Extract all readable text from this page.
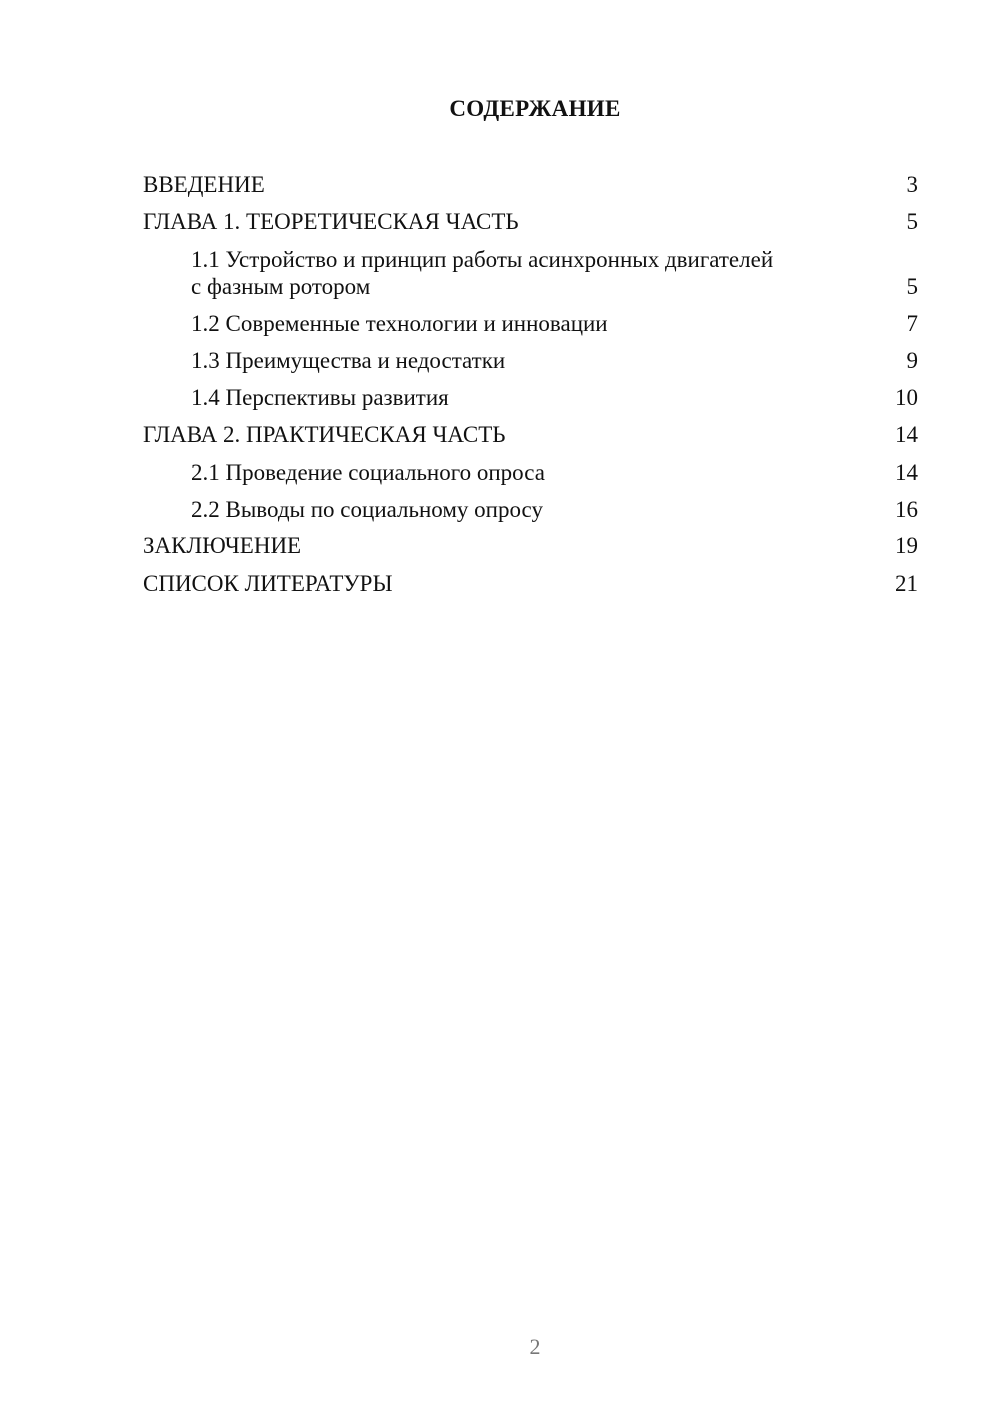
СОДЕРЖАНИЕ
ВВЕДЕНИЕ	3
ГЛАВА 1. ТЕОРЕТИЧЕСКАЯ ЧАСТЬ	5
1.1 Устройство и принцип работы асинхронных двигателей
с фазным ротором	5
1.2 Современные технологии и инновации	7
1.3 Преимущества и недостатки	9
1.4 Перспективы развития	10
ГЛАВА 2. ПРАКТИЧЕСКАЯ ЧАСТЬ	14
2.1 Проведение социального опроса	14
2.2 Выводы по социальному опросу	16
ЗАКЛЮЧЕНИЕ	19
СПИСОК ЛИТЕРАТУРЫ	21
2
